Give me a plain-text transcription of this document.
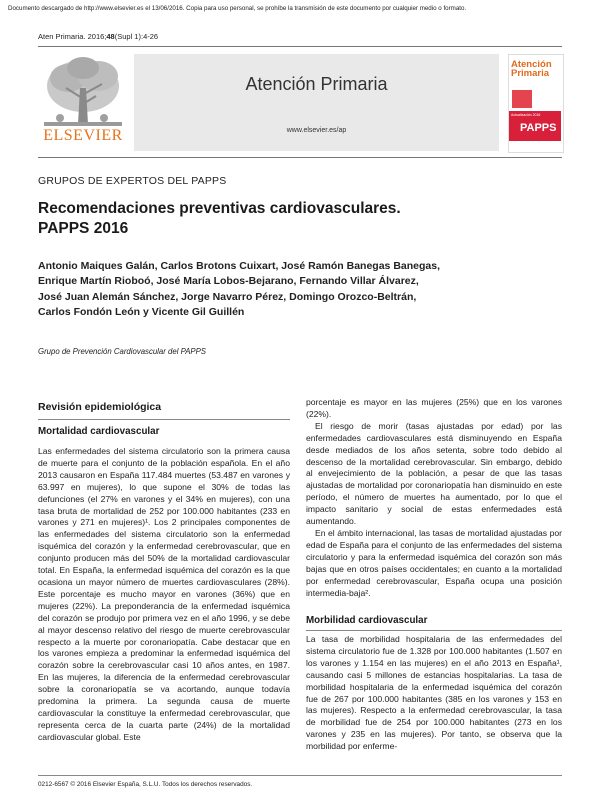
Documento descargado de http://www.elsevier.es el 13/06/2016. Copia para uso personal, se prohíbe la transmisión de este documento por cualquier medio o formato.
Aten Primaria. 2016;48(Supl 1):4-26
ELSEVIER
Atención Primaria
www.elsevier.es/ap
Atención
Primaria
Actualización 2016
PAPPS
GRUPOS DE EXPERTOS DEL PAPPS
Recomendaciones preventivas cardiovasculares.
PAPPS 2016
Antonio Maiques Galán, Carlos Brotons Cuixart, José Ramón Banegas Banegas,
Enrique Martín Rioboó, José María Lobos-Bejarano, Fernando Villar Álvarez,
José Juan Alemán Sánchez, Jorge Navarro Pérez, Domingo Orozco-Beltrán,
Carlos Fondón León y Vicente Gil Guillén
Grupo de Prevención Cardiovascular del PAPPS
Revisión epidemiológica
Mortalidad cardiovascular

Las enfermedades del sistema circulatorio son la primera causa de muerte para el conjunto de la población española. En el año 2013 causaron en España 117.484 muertes (53.487 en varones y 63.997 en mujeres), lo que supone el 30% de todas las defunciones (el 27% en varones y el 34% en mujeres), con una tasa bruta de mortalidad de 252 por 100.000 habitantes (233 en varones y 271 en mujeres)¹. Los 2 principales componentes de las enfermedades del sistema circulatorio son la enfermedad isquémica del corazón y la enfermedad cerebrovascular, que en conjunto producen más del 50% de la mortalidad cardiovascular total. En España, la enfermedad isquémica del corazón es la que ocasiona un mayor número de muertes cardiovasculares (28%). Este porcentaje es mucho mayor en varones (36%) que en mujeres (22%). La preponderancia de la enfermedad isquémica del corazón se produjo por primera vez en el año 1996, y se debe al mayor descenso relativo del riesgo de muerte cerebrovascular respecto a la muerte por coronariopatía. Cabe destacar que en los varones empieza a predominar la enfermedad isquémica del corazón sobre la cerebrovascular casi 10 años antes, en 1987. En las mujeres, la diferencia de la enfermedad cerebrovascular sobre la coronariopatía se va acortando, aunque todavía predomina la primera. La segunda causa de muerte cardiovascular la constituye la enfermedad cerebrovascular, que representa cerca de la cuarta parte (24%) de la mortalidad cardiovascular global. Este

porcentaje es mayor en las mujeres (25%) que en los varones (22%).

El riesgo de morir (tasas ajustadas por edad) por las enfermedades cardiovasculares está disminuyendo en España desde mediados de los años setenta, sobre todo debido al descenso de la mortalidad cerebrovascular. Sin embargo, debido al envejecimiento de la población, a pesar de que las tasas ajustadas de mortalidad por coronariopatía han disminuido en este período, el número de muertes ha aumentado, por lo que el impacto sanitario y social de estas enfermedades está aumentando.

En el ámbito internacional, las tasas de mortalidad ajustadas por edad de España para el conjunto de las enfermedades del sistema circulatorio y para la enfermedad isquémica del corazón son más bajas que en otros países occidentales; en cuanto a la mortalidad por enfermedad cerebrovascular, España ocupa una posición intermedia-baja².

Morbilidad cardiovascular

La tasa de morbilidad hospitalaria de las enfermedades del sistema circulatorio fue de 1.328 por 100.000 habitantes (1.507 en los varones y 1.154 en las mujeres) en el año 2013 en España¹, causando casi 5 millones de estancias hospitalarias. La tasa de morbilidad hospitalaria de la enfermedad isquémica del corazón fue de 267 por 100.000 habitantes (385 en los varones y 153 en las mujeres). Respecto a la enfermedad cerebrovascular, la tasa de morbilidad fue de 254 por 100.000 habitantes (273 en los varones y 235 en las mujeres). Por tanto, se observa que la morbilidad por enferme-

0212-6567 © 2016 Elsevier España, S.L.U. Todos los derechos reservados.
